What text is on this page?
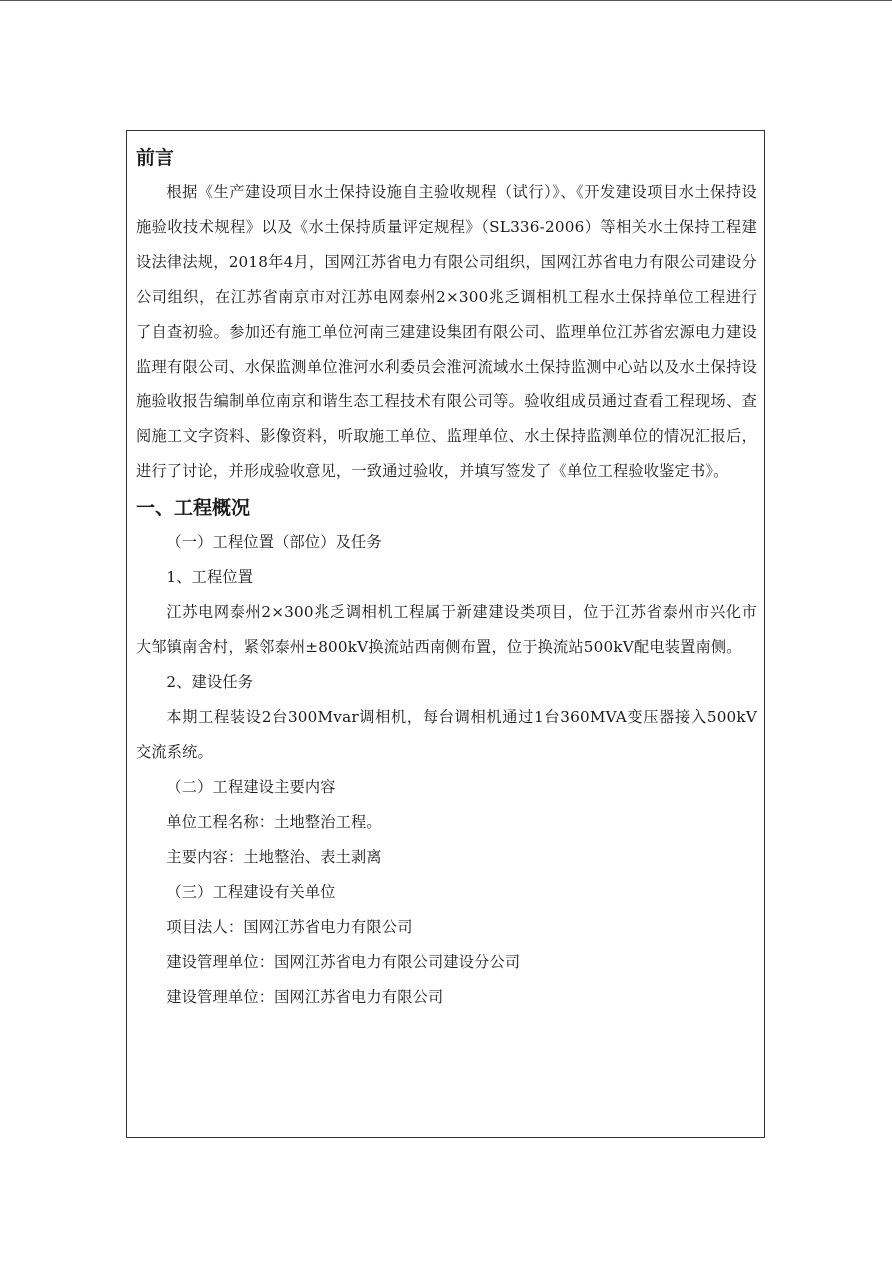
前言

根据《生产建设项目水土保持设施自主验收规程（试行）》、《开发建设项目水土保持设施验收技术规程》以及《水土保持质量评定规程》（SL336-2006）等相关水土保持工程建设法律法规，2018年4月，国网江苏省电力有限公司组织，国网江苏省电力有限公司建设分公司组织，在江苏省南京市对江苏电网泰州2×300兆乏调相机工程水土保持单位工程进行了自查初验。参加还有施工单位河南三建建设集团有限公司、监理单位江苏省宏源电力建设监理有限公司、水保监测单位淮河水利委员会淮河流域水土保持监测中心站以及水土保持设施验收报告编制单位南京和谐生态工程技术有限公司等。验收组成员通过查看工程现场、查阅施工文字资料、影像资料，听取施工单位、监理单位、水土保持监测单位的情况汇报后，进行了讨论，并形成验收意见，一致通过验收，并填写签发了《单位工程验收鉴定书》。

一、工程概况

（一）工程位置（部位）及任务

1、工程位置

江苏电网泰州2×300兆乏调相机工程属于新建建设类项目，位于江苏省泰州市兴化市大邹镇南舍村，紧邻泰州±800kV换流站西南侧布置，位于换流站500kV配电装置南侧。

2、建设任务

本期工程装设2台300Mvar调相机，每台调相机通过1台360MVA变压器接入500kV交流系统。

（二）工程建设主要内容

单位工程名称：土地整治工程。

主要内容：土地整治、表土剥离

（三）工程建设有关单位

项目法人：国网江苏省电力有限公司

建设管理单位：国网江苏省电力有限公司建设分公司

建设管理单位：国网江苏省电力有限公司
